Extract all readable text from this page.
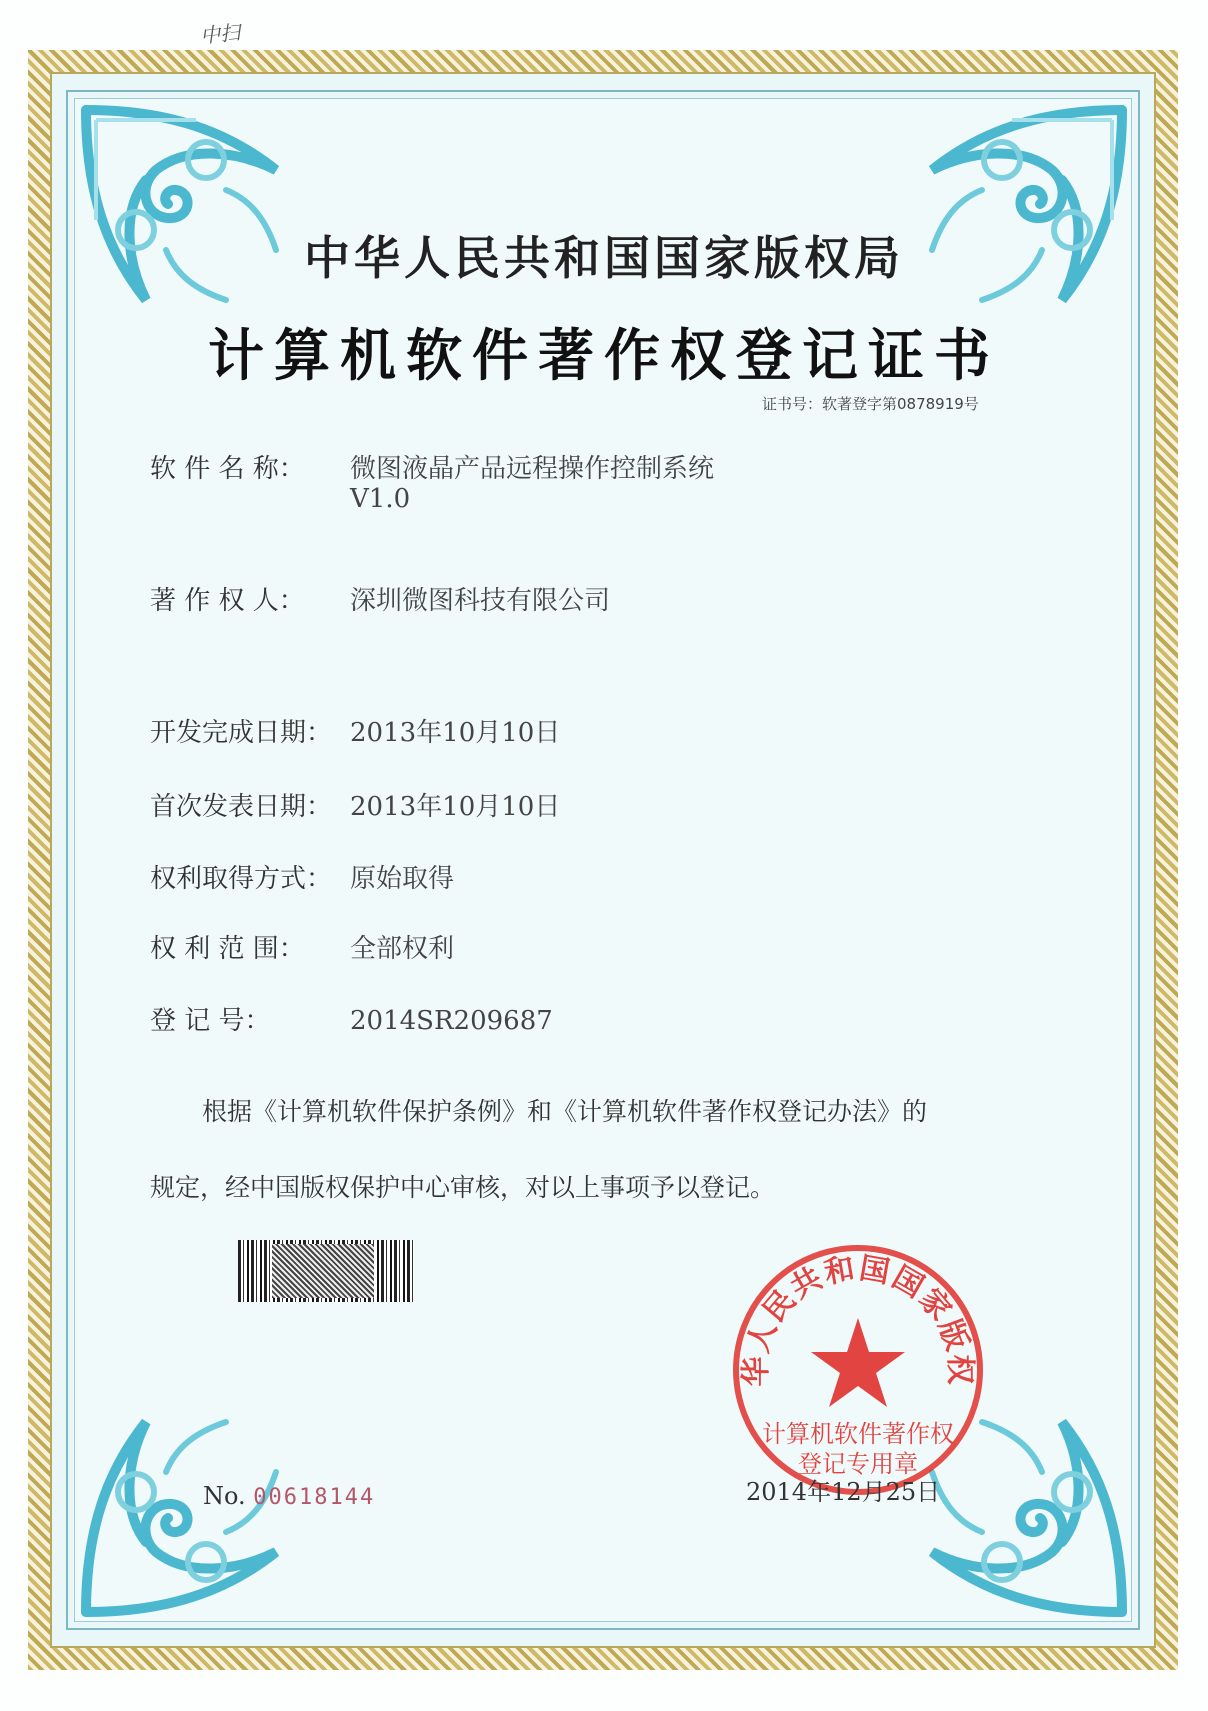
中扫
中华人民共和国国家版权局
计算机软件著作权登记证书
证书号：软著登字第0878919号
软 件 名 称： 微图液晶产品远程操作控制系统
V1.0
著 作 权 人： 深圳微图科技有限公司
开发完成日期： 2013年10月10日
首次发表日期： 2013年10月10日
权利取得方式： 原始取得
权 利 范 围： 全部权利
登 记 号：	2014SR209687
根据《计算机软件保护条例》和《计算机软件著作权登记办法》的
规定，经中国版权保护中心审核，对以上事项予以登记。
No. 00618144
华人民共和国国家版权
计算机软件著作权
登记专用章
2014年12月25日
